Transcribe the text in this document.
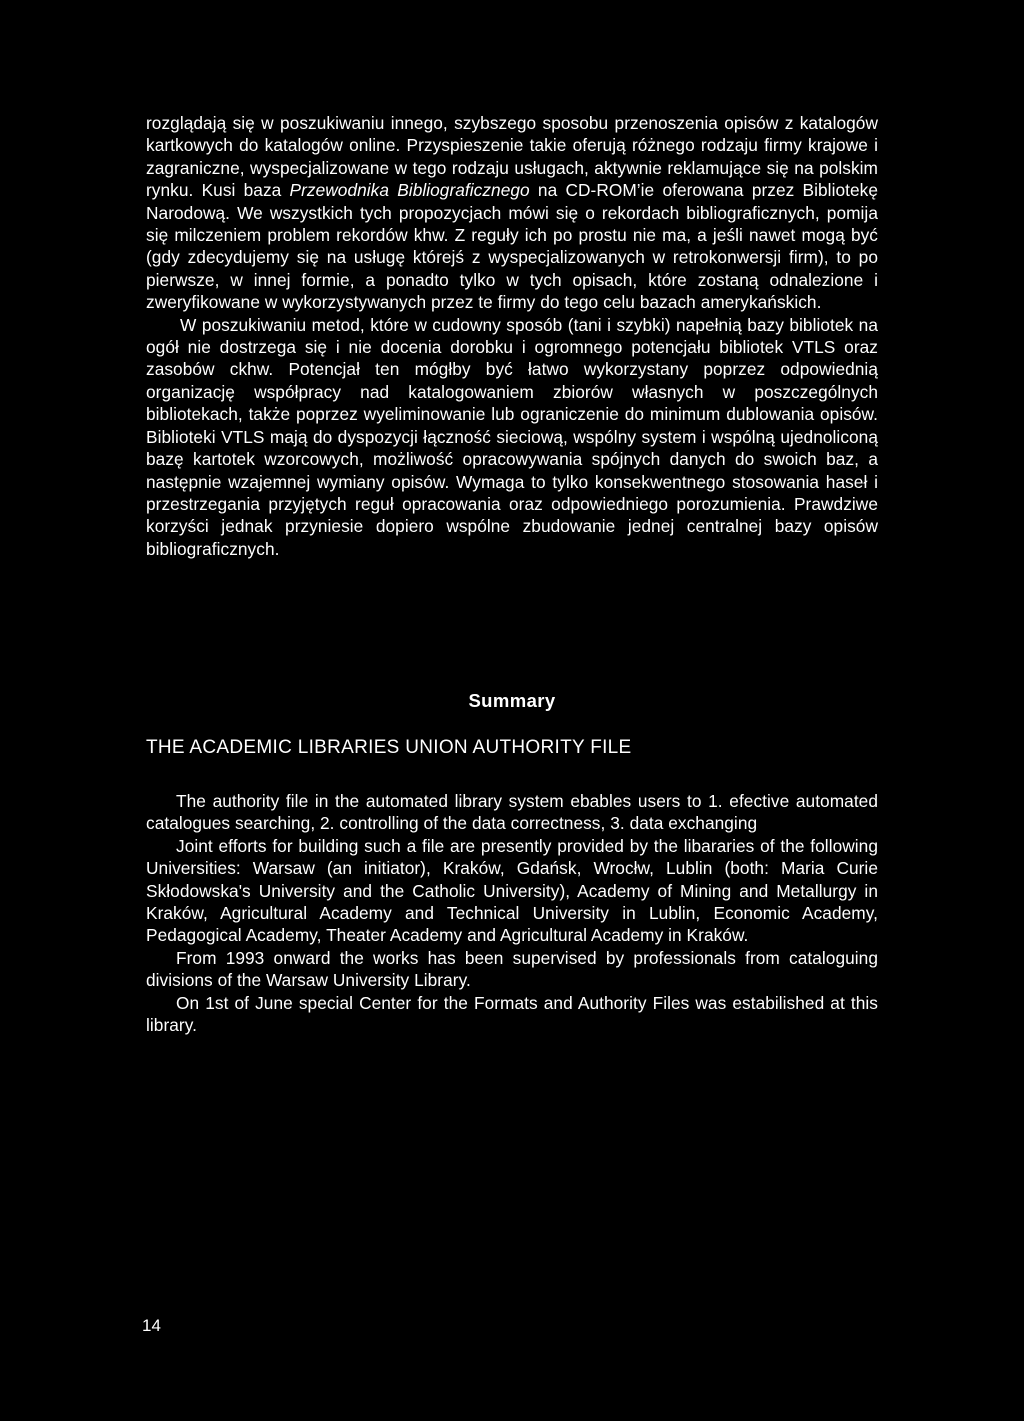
rozglądają się w poszukiwaniu innego, szybszego sposobu przenoszenia opisów z katalogów kartkowych do katalogów online. Przyspieszenie takie oferują różnego rodzaju firmy krajowe i zagraniczne, wyspecjalizowane w tego rodzaju usługach, aktywnie reklamujące się na polskim rynku. Kusi baza Przewodnika Bibliograficznego na CD-ROM’ie oferowana przez Bibliotekę Narodową. We wszystkich tych propozycjach mówi się o rekordach bibliograficznych, pomija się milczeniem problem rekordów khw. Z reguły ich po prostu nie ma, a jeśli nawet mogą być (gdy zdecydujemy się na usługę którejś z wyspecjalizowanych w retrokonwersji firm), to po pierwsze, w innej formie, a ponadto tylko w tych opisach, które zostaną odnalezione i zweryfikowane w wykorzystywanych przez te firmy do tego celu bazach amerykańskich.

W poszukiwaniu metod, które w cudowny sposób (tani i szybki) napełnią bazy bibliotek na ogół nie dostrzega się i nie docenia dorobku i ogromnego potencjału bibliotek VTLS oraz zasobów ckhw. Potencjał ten mógłby być łatwo wykorzystany poprzez odpowiednią organizację współpracy nad katalogowaniem zbiorów własnych w poszczególnych bibliotekach, także poprzez wyeliminowanie lub ograniczenie do minimum dublowania opisów. Biblioteki VTLS mają do dyspozycji łączność sieciową, wspólny system i wspólną ujednoliconą bazę kartotek wzorcowych, możliwość opracowywania spójnych danych do swoich baz, a następnie wzajemnej wymiany opisów. Wymaga to tylko konsekwentnego stosowania haseł i przestrzegania przyjętych reguł opracowania oraz odpowiedniego porozumienia. Prawdziwe korzyści jednak przyniesie dopiero wspólne zbudowanie jednej centralnej bazy opisów bibliograficznych.

Summary
THE ACADEMIC LIBRARIES UNION AUTHORITY FILE

The authority file in the automated library system ebables users to 1. efective automated catalogues searching, 2. controlling of the data correctness, 3. data exchanging

Joint efforts for building such a file are presently provided by the libararies of the following Universities: Warsaw (an initiator), Kraków, Gdańsk, Wrocłw, Lublin (both: Maria Curie Skłodowska's University and the Catholic University), Academy of Mining and Metallurgy in Kraków, Agricultural Academy and Technical University in Lublin, Economic Academy, Pedagogical Academy, Theater Academy and Agricultural Academy in Kraków.

From 1993 onward the works has been supervised by professionals from cataloguing divisions of the Warsaw University Library.

On 1st of June special Center for the Formats and Authority Files was estabilished at this library.

14
